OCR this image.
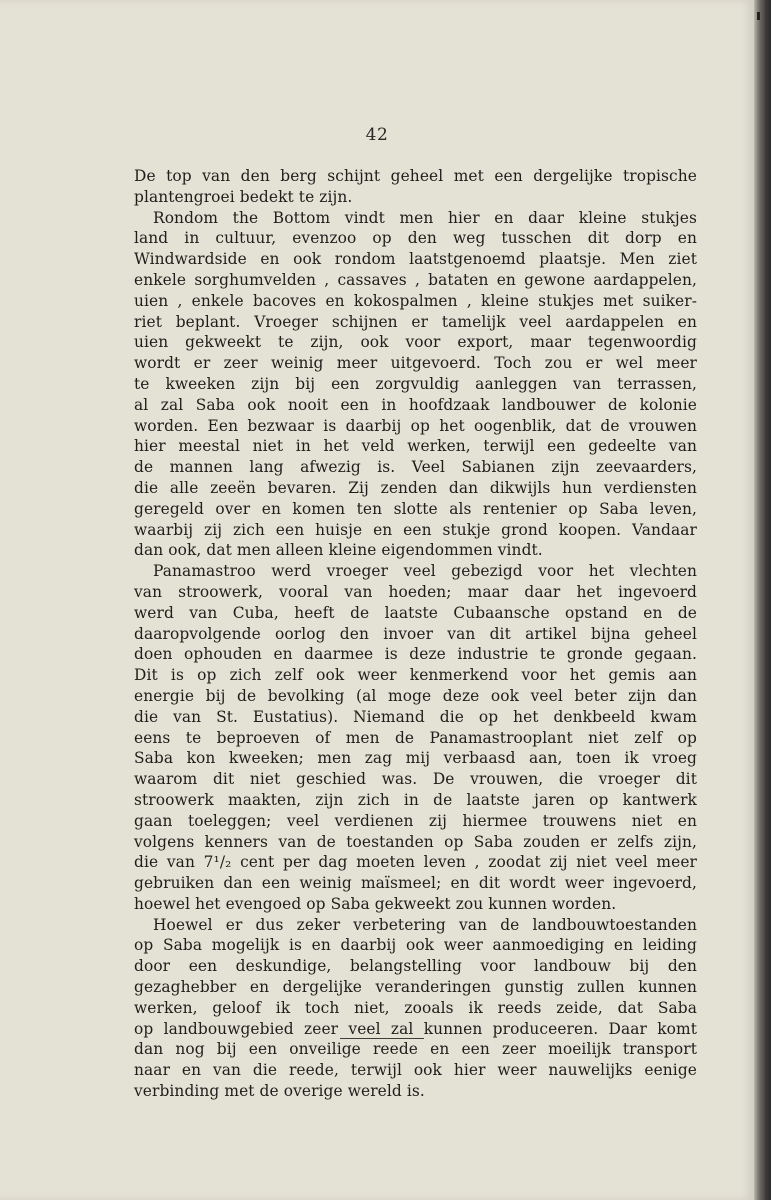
42
De top van den berg schijnt geheel met een dergelijke tropische
plantengroei bedekt te zijn.
Rondom the Bottom vindt men hier en daar kleine stukjes
land in cultuur, evenzoo op den weg tusschen dit dorp en
Windwardside en ook rondom laatstgenoemd plaatsje. Men ziet
enkele sorghumvelden , cassaves , bataten en gewone aardappelen,
uien , enkele bacoves en kokospalmen , kleine stukjes met suiker-
riet beplant. Vroeger schijnen er tamelijk veel aardappelen en
uien gekweekt te zijn, ook voor export, maar tegenwoordig
wordt er zeer weinig meer uitgevoerd. Toch zou er wel meer
te kweeken zijn bij een zorgvuldig aanleggen van terrassen,
al zal Saba ook nooit een in hoofdzaak landbouwer de kolonie
worden. Een bezwaar is daarbij op het oogenblik, dat de vrouwen
hier meestal niet in het veld werken, terwijl een gedeelte van
de mannen lang afwezig is. Veel Sabianen zijn zeevaarders,
die alle zeeën bevaren. Zij zenden dan dikwijls hun verdiensten
geregeld over en komen ten slotte als rentenier op Saba leven,
waarbij zij zich een huisje en een stukje grond koopen. Vandaar
dan ook, dat men alleen kleine eigendommen vindt.
Panamastroo werd vroeger veel gebezigd voor het vlechten
van stroowerk, vooral van hoeden; maar daar het ingevoerd
werd van Cuba, heeft de laatste Cubaansche opstand en de
daaropvolgende oorlog den invoer van dit artikel bijna geheel
doen ophouden en daarmee is deze industrie te gronde gegaan.
Dit is op zich zelf ook weer kenmerkend voor het gemis aan
energie bij de bevolking (al moge deze ook veel beter zijn dan
die van St. Eustatius). Niemand die op het denkbeeld kwam
eens te beproeven of men de Panamastrooplant niet zelf op
Saba kon kweeken; men zag mij verbaasd aan, toen ik vroeg
waarom dit niet geschied was. De vrouwen, die vroeger dit
stroowerk maakten, zijn zich in de laatste jaren op kantwerk
gaan toeleggen; veel verdienen zij hiermee trouwens niet en
volgens kenners van de toestanden op Saba zouden er zelfs zijn,
die van 7¹/₂ cent per dag moeten leven , zoodat zij niet veel meer
gebruiken dan een weinig maïsmeel; en dit wordt weer ingevoerd,
hoewel het evengoed op Saba gekweekt zou kunnen worden.
Hoewel er dus zeker verbetering van de landbouwtoestanden
op Saba mogelijk is en daarbij ook weer aanmoediging en leiding
door een deskundige, belangstelling voor landbouw bij den
gezaghebber en dergelijke veranderingen gunstig zullen kunnen
werken, geloof ik toch niet, zooals ik reeds zeide, dat Saba
op landbouwgebied zeer veel zal kunnen produceeren. Daar komt
dan nog bij een onveilige reede en een zeer moeilijk transport
naar en van die reede, terwijl ook hier weer nauwelijks eenige
verbinding met de overige wereld is.
